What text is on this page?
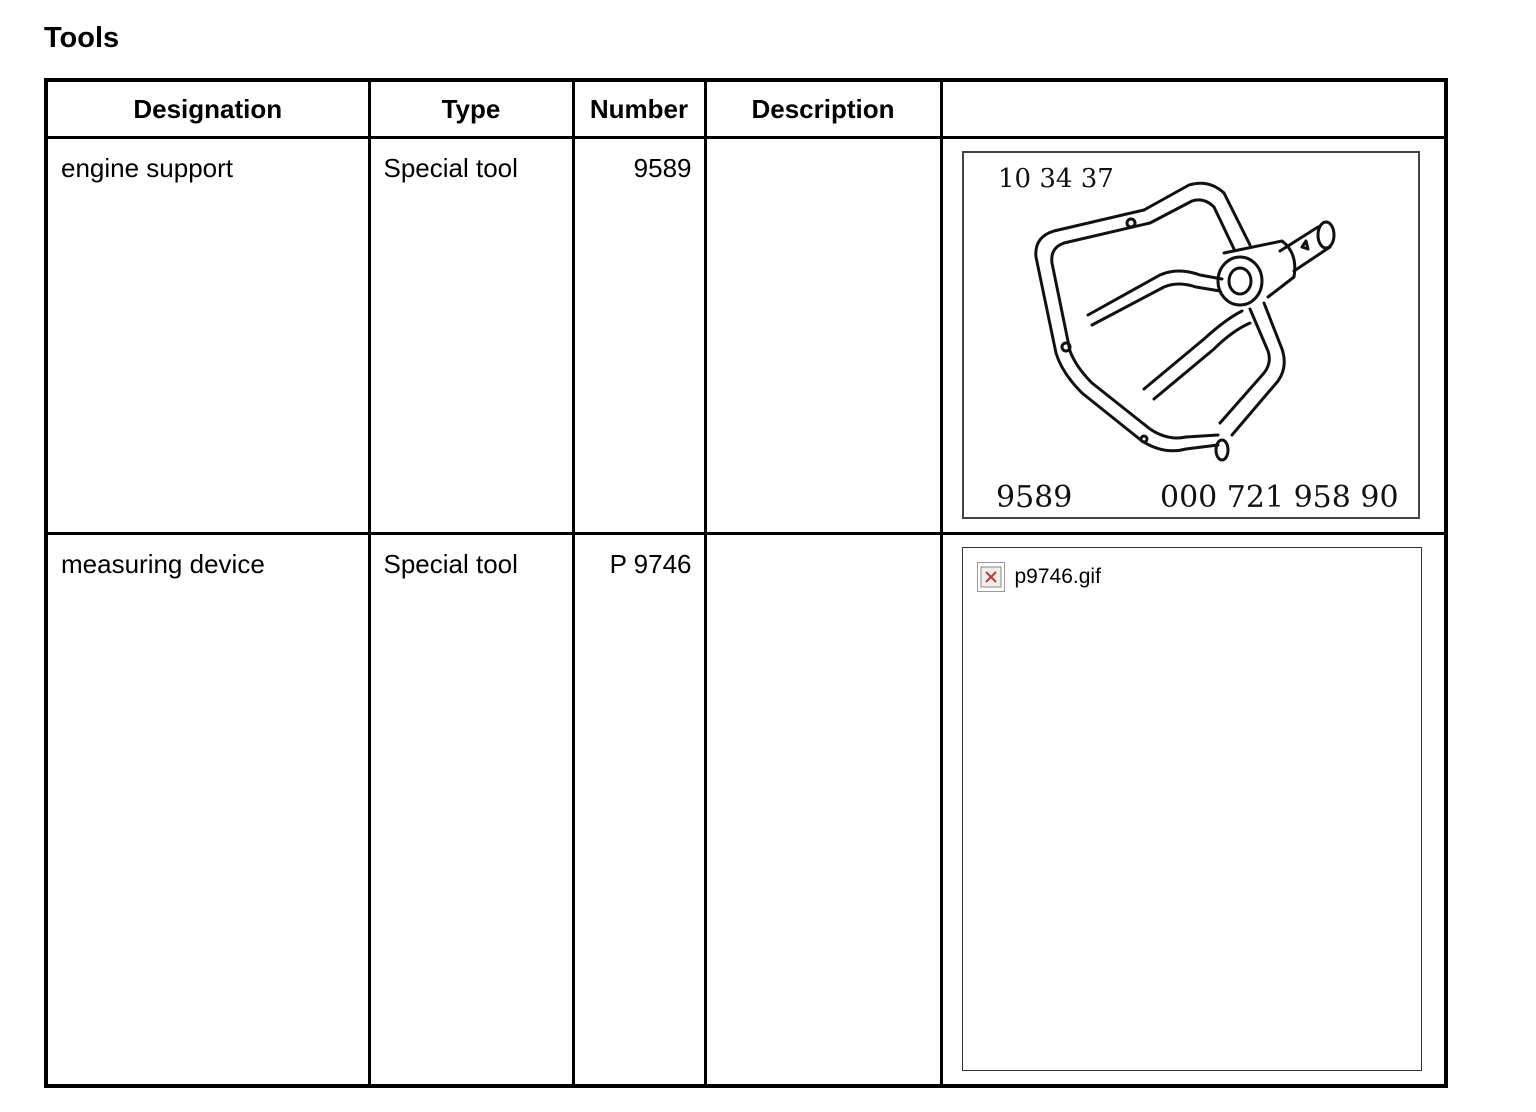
Tools
Designation	Type	Number	Description	

engine support	Special tool	9589		10 34 37
9589 000 721 958 90

measuring device	Special tool	P 9746		p9746.gif
